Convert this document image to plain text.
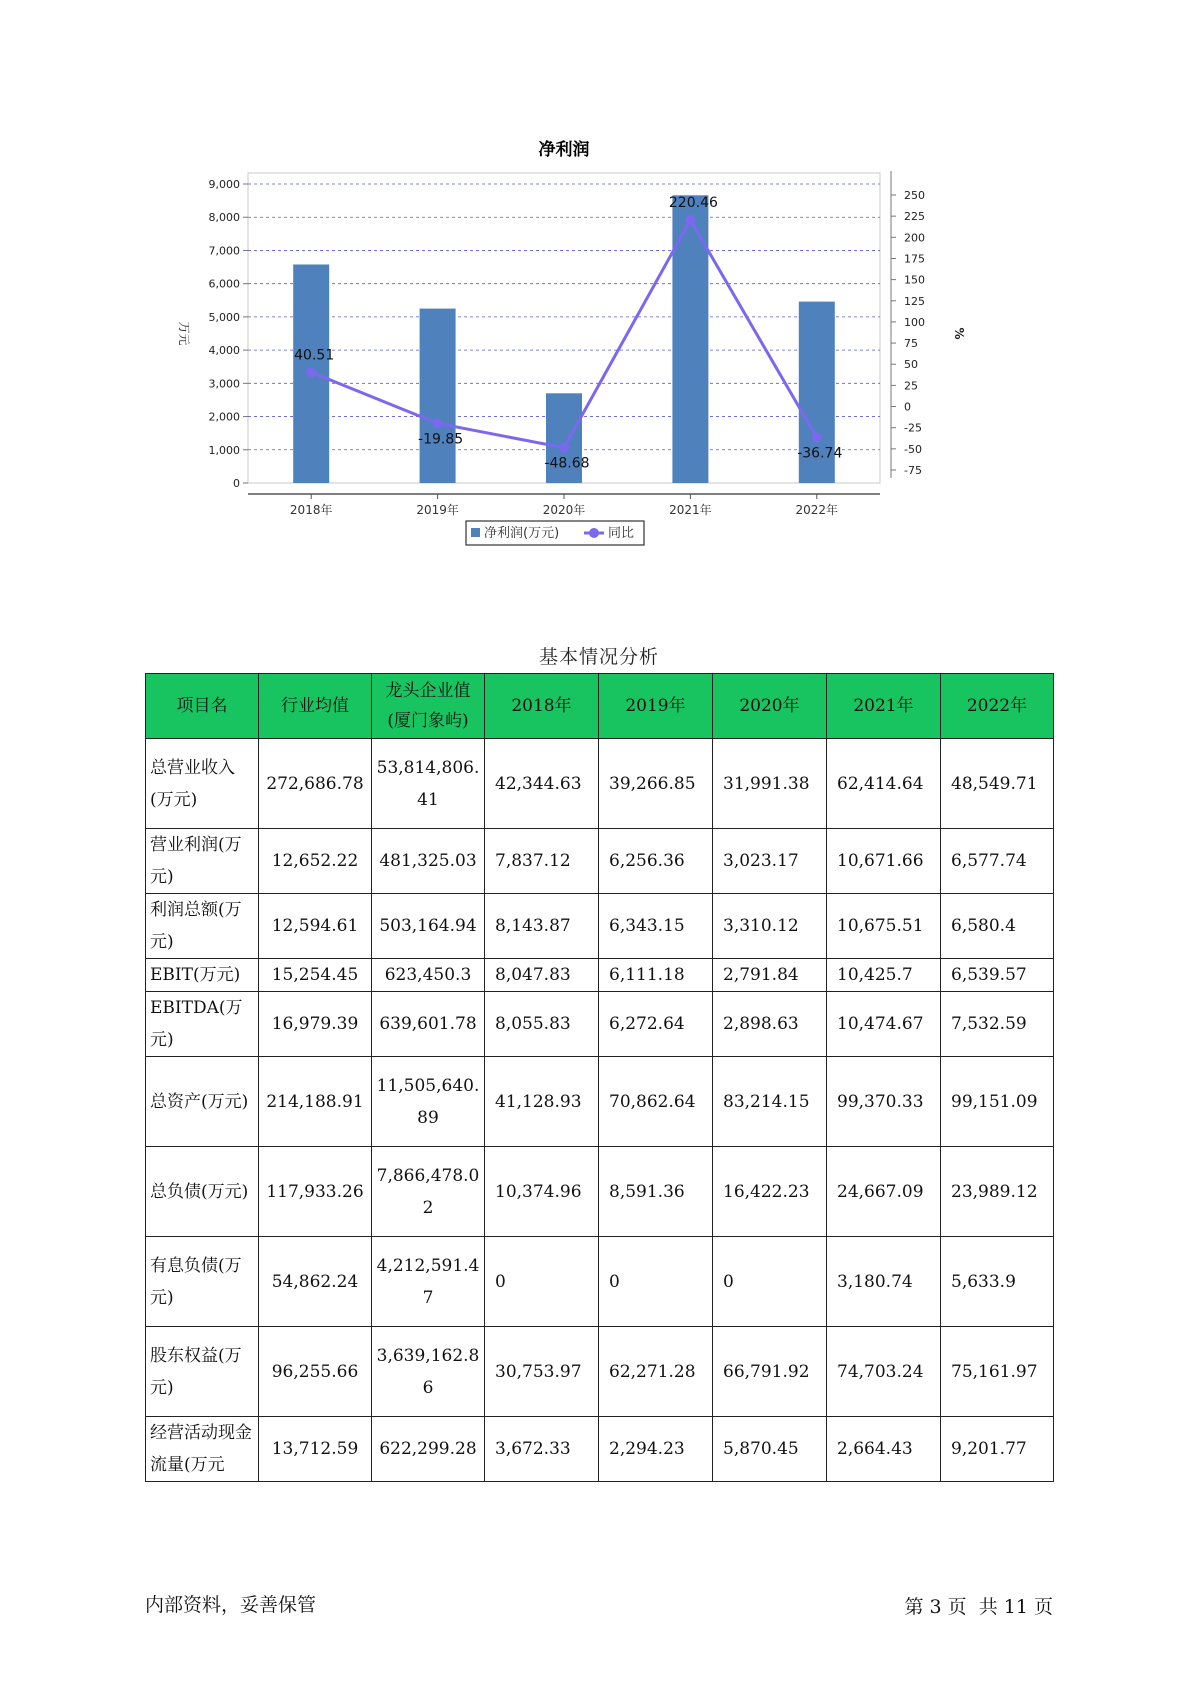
净利润
0
1,000
2,000
3,000
4,000
5,000
6,000
7,000
8,000
9,000
-75
-50
-25
0
25
50
75
100
125
150
175
200
225
250
万元	%
2018年	2019年	2020年	2021年	2022年
40.51
-19.85
-48.68
220.46
-36.74
净利润(万元)	同比
基本情况分析
项目名	行业均值	龙头企业值(厦门象屿)	2018年	2019年	2020年	2021年	2022年
总营业收入(万元)	272,686.78	53,814,806.41	42,344.63	39,266.85	31,991.38	62,414.64	48,549.71
营业利润(万元)	12,652.22	481,325.03	7,837.12	6,256.36	3,023.17	10,671.66	6,577.74
利润总额(万元)	12,594.61	503,164.94	8,143.87	6,343.15	3,310.12	10,675.51	6,580.4
EBIT(万元)	15,254.45	623,450.3	8,047.83	6,111.18	2,791.84	10,425.7	6,539.57
EBITDA(万元)	16,979.39	639,601.78	8,055.83	6,272.64	2,898.63	10,474.67	7,532.59
总资产(万元)	214,188.91	11,505,640.89	41,128.93	70,862.64	83,214.15	99,370.33	99,151.09
总负债(万元)	117,933.26	7,866,478.02	10,374.96	8,591.36	16,422.23	24,667.09	23,989.12
有息负债(万元)	54,862.24	4,212,591.47	0	0	0	3,180.74	5,633.9
股东权益(万元)	96,255.66	3,639,162.86	30,753.97	62,271.28	66,791.92	74,703.24	75,161.97
经营活动现金流量(万元	13,712.59	622,299.28	3,672.33	2,294.23	5,870.45	2,664.43	9,201.77
内部资料，妥善保管	第 3 页  共 11 页
